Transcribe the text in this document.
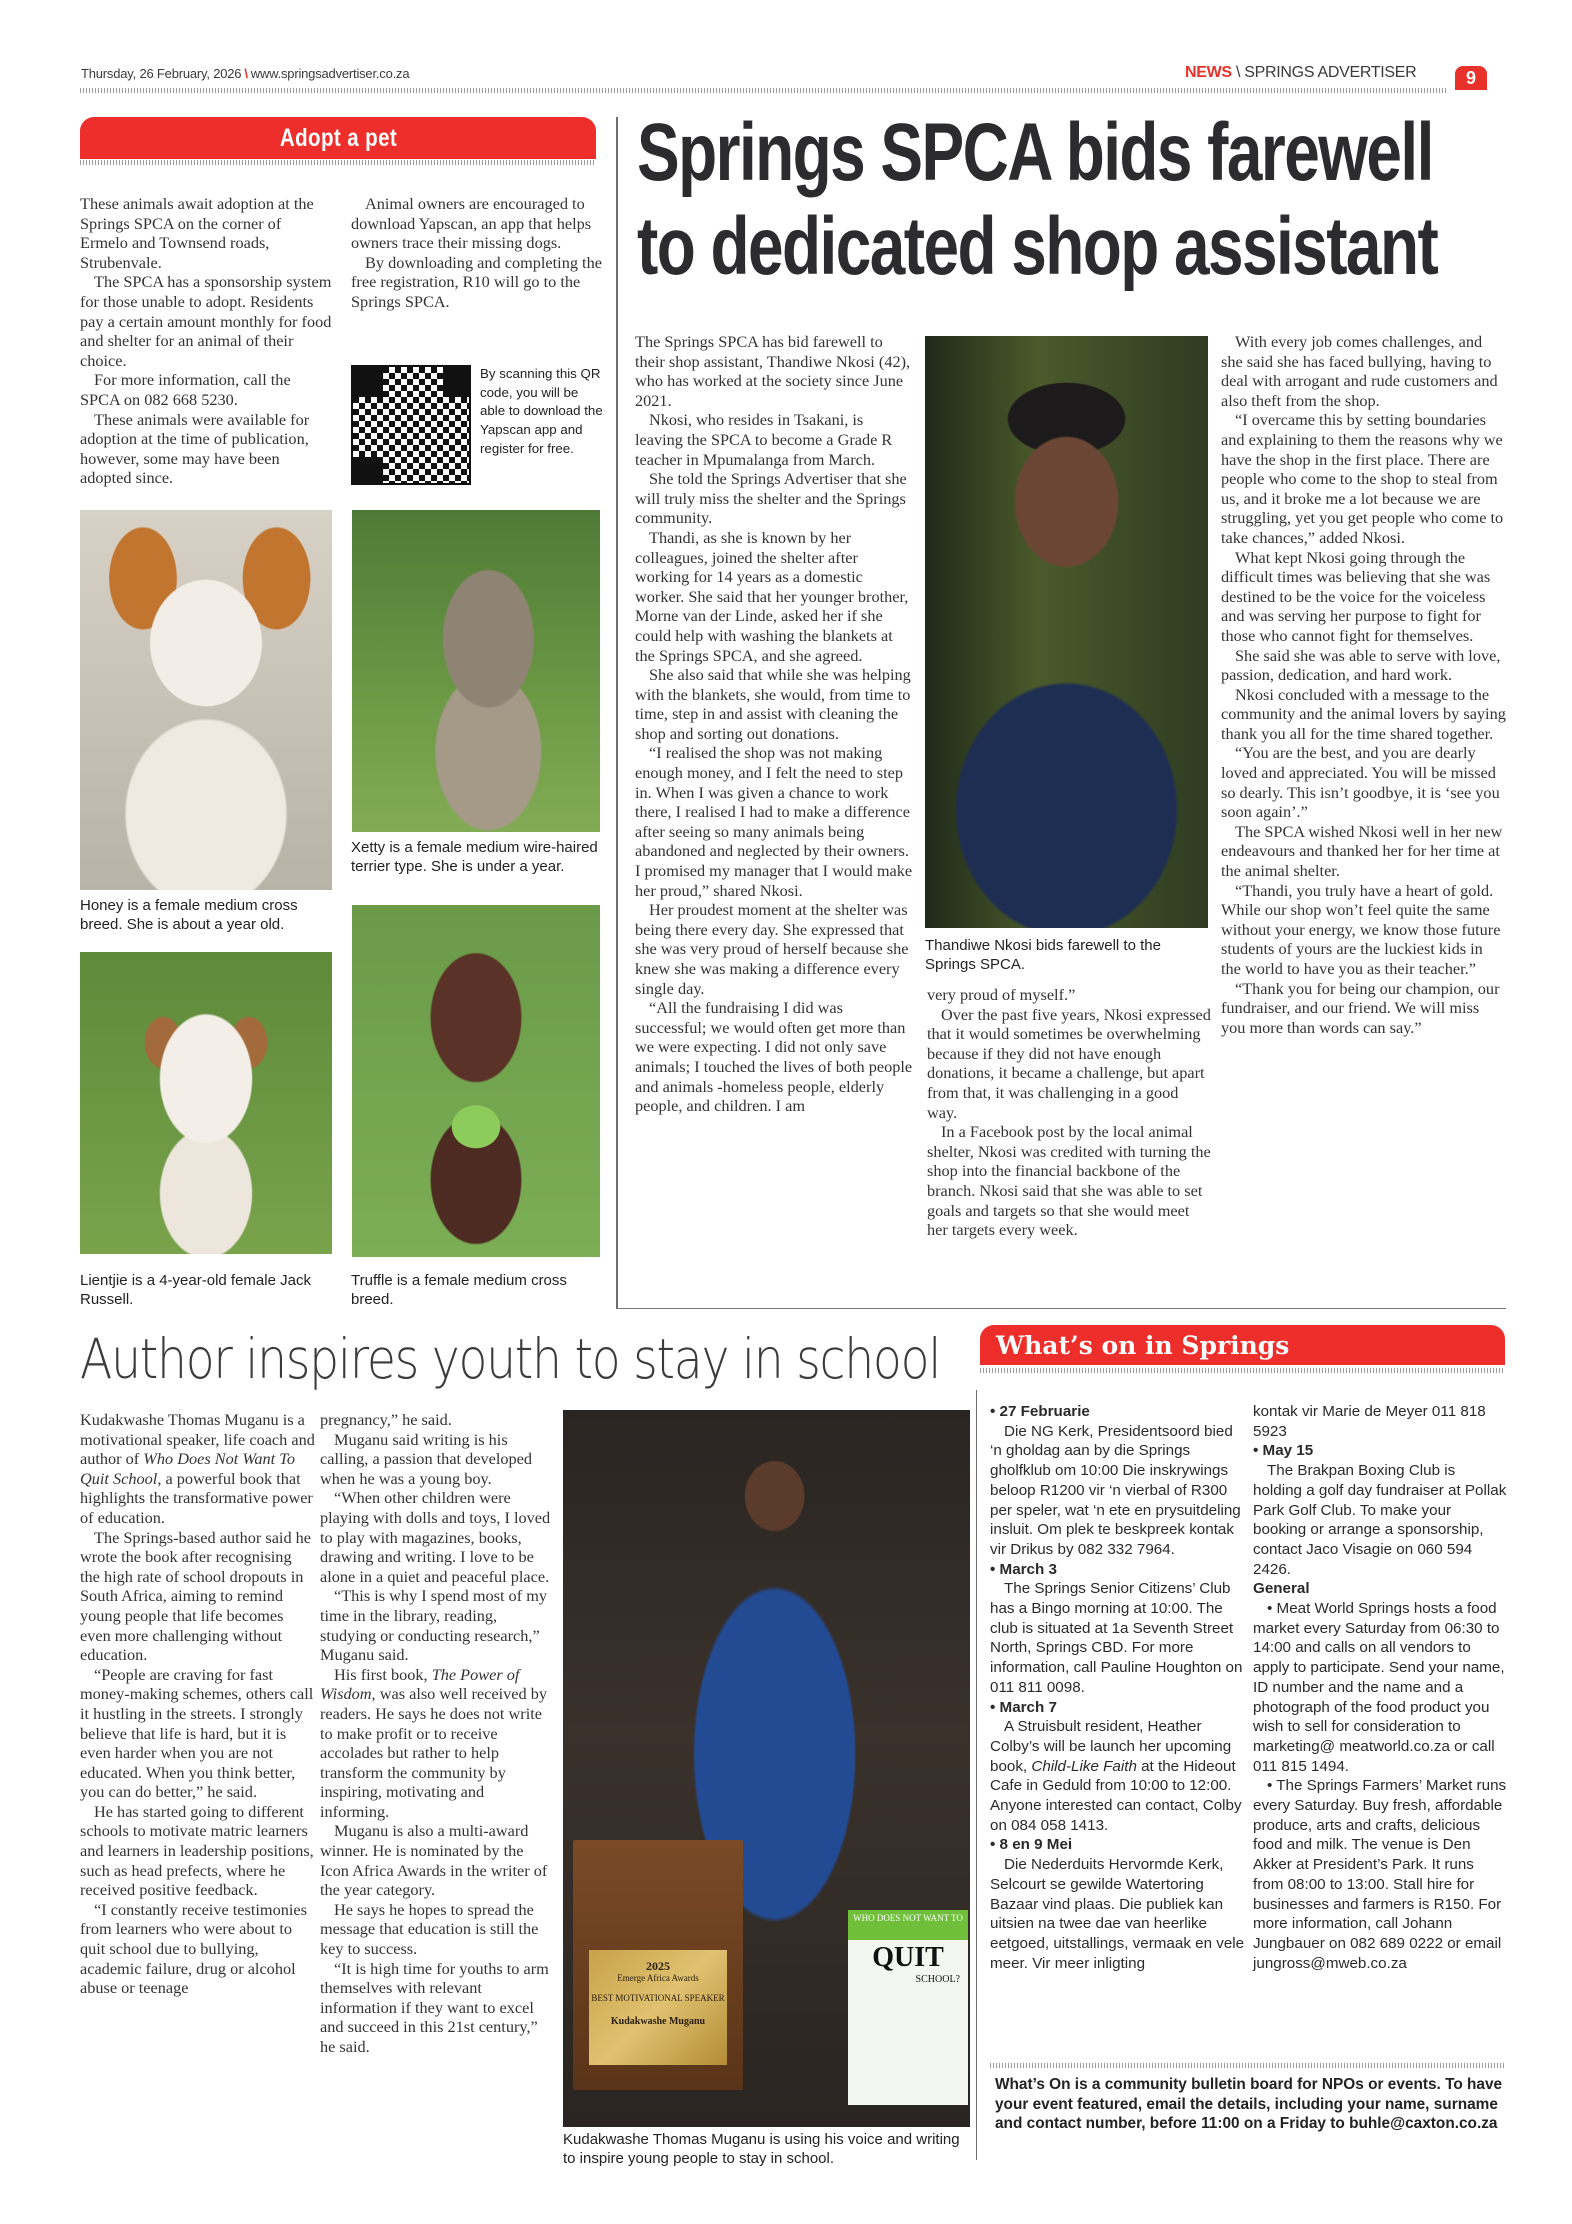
Thursday, 26 February, 2026 \ www.springsadvertiser.co.za	NEWS \ SPRINGS ADVERTISER	9
Adopt a pet

These animals await adoption at the Springs SPCA on the corner of Ermelo and Townsend roads, Strubenvale.

The SPCA has a sponsorship system for those unable to adopt. Residents pay a certain amount monthly for food and shelter for an animal of their choice.

For more information, call the SPCA on 082 668 5230.

These animals were available for adoption at the time of publication, however, some may have been adopted since.

Animal owners are encouraged to download Yapscan, an app that helps owners trace their missing dogs.

By downloading and completing the free registration, R10 will go to the Springs SPCA.

By scanning this QR code, you will be able to download the Yapscan app and register for free.
Honey is a female medium cross breed. She is about a year old.
Xetty is a female medium wire-haired terrier type. She is under a year.
Lientjie is a 4-year-old female Jack Russell.
Truffle is a female medium cross breed.
Springs SPCA bids farewell
to dedicated shop assistant

The Springs SPCA has bid farewell to their shop assistant, Thandiwe Nkosi (42), who has worked at the society since June 2021.

Nkosi, who resides in Tsakani, is leaving the SPCA to become a Grade R teacher in Mpumalanga from March.

She told the Springs Advertiser that she will truly miss the shelter and the Springs community.

Thandi, as she is known by her colleagues, joined the shelter after working for 14 years as a domestic worker. She said that her younger brother, Morne van der Linde, asked her if she could help with washing the blankets at the Springs SPCA, and she agreed.

She also said that while she was helping with the blankets, she would, from time to time, step in and assist with cleaning the shop and sorting out donations.

“I realised the shop was not making enough money, and I felt the need to step in. When I was given a chance to work there, I realised I had to make a difference after seeing so many animals being abandoned and neglected by their owners. I promised my manager that I would make her proud,” shared Nkosi.

Her proudest moment at the shelter was being there every day. She expressed that she was very proud of herself because she knew she was making a difference every single day.

“All the fundraising I did was successful; we would often get more than we were expecting. I did not only save animals; I touched the lives of both people and animals -homeless people, elderly people, and children. I am

Thandiwe Nkosi bids farewell to the Springs SPCA.

very proud of myself.”

Over the past five years, Nkosi expressed that it would sometimes be overwhelming because if they did not have enough donations, it became a challenge, but apart from that, it was challenging in a good way.

In a Facebook post by the local animal shelter, Nkosi was credited with turning the shop into the financial backbone of the branch. Nkosi said that she was able to set goals and targets so that she would meet her targets every week.

With every job comes challenges, and she said she has faced bullying, having to deal with arrogant and rude customers and also theft from the shop.

“I overcame this by setting boundaries and explaining to them the reasons why we have the shop in the first place. There are people who come to the shop to steal from us, and it broke me a lot because we are struggling, yet you get people who come to take chances,” added Nkosi.

What kept Nkosi going through the difficult times was believing that she was destined to be the voice for the voiceless and was serving her purpose to fight for those who cannot fight for themselves.

She said she was able to serve with love, passion, dedication, and hard work.

Nkosi concluded with a message to the community and the animal lovers by saying thank you all for the time shared together.

“You are the best, and you are dearly loved and appreciated. You will be missed so dearly. This isn’t goodbye, it is ‘see you soon again’.”

The SPCA wished Nkosi well in her new endeavours and thanked her for her time at the animal shelter.

“Thandi, you truly have a heart of gold. While our shop won’t feel quite the same without your energy, we know those future students of yours are the luckiest kids in the world to have you as their teacher.”

“Thank you for being our champion, our fundraiser, and our friend. We will miss you more than words can say.”

Author inspires youth to stay in school

Kudakwashe Thomas Muganu is a motivational speaker, life coach and author of Who Does Not Want To Quit School, a powerful book that highlights the transformative power of education.

The Springs-based author said he wrote the book after recognising the high rate of school dropouts in South Africa, aiming to remind young people that life becomes even more challenging without education.

“People are craving for fast money-making schemes, others call it hustling in the streets. I strongly believe that life is hard, but it is even harder when you are not educated. When you think better, you can do better,” he said.

He has started going to different schools to motivate matric learners and learners in leadership positions, such as head prefects, where he received positive feedback.

“I constantly receive testimonies from learners who were about to quit school due to bullying, academic failure, drug or alcohol abuse or teenage

pregnancy,” he said.

Muganu said writing is his calling, a passion that developed when he was a young boy.

“When other children were playing with dolls and toys, I loved to play with magazines, books, drawing and writing. I love to be alone in a quiet and peaceful place.

“This is why I spend most of my time in the library, reading, studying or conducting research,” Muganu said.

His first book, The Power of Wisdom, was also well received by readers. He says he does not write to make profit or to receive accolades but rather to help transform the community by inspiring, motivating and informing.

Muganu is also a multi-award winner. He is nominated by the Icon Africa Awards in the writer of the year category.

He says he hopes to spread the message that education is still the key to success.

“It is high time for youths to arm themselves with relevant information if they want to excel and succeed in this 21st century,” he said.

2025
Emerge Africa Awards
BEST MOTIVATIONAL SPEAKER
Kudakwashe Muganu
WHO DOES NOT WANT TO
QUIT
SCHOOL?
Kudakwashe Thomas Muganu is using his voice and writing to inspire young people to stay in school.
What’s on in Springs
• 27 Februarie

Die NG Kerk, Presidentsoord bied ‘n gholdag aan by die Springs gholfklub om 10:00 Die inskrywings beloop R1200 vir ‘n vierbal of R300 per speler, wat ‘n ete en prysuitdeling insluit. Om plek te beskpreek kontak vir Drikus by 082 332 7964.

• March 3

The Springs Senior Citizens’ Club has a Bingo morning at 10:00. The club is situated at 1a Seventh Street North, Springs CBD. For more information, call Pauline Houghton on 011 811 0098.

• March 7

A Struisbult resident, Heather Colby’s will be launch her upcoming book, Child-Like Faith at the Hideout Cafe in Geduld from 10:00 to 12:00. Anyone interested can contact, Colby on 084 058 1413.

• 8 en 9 Mei

Die Nederduits Hervormde Kerk, Selcourt se gewilde Watertoring Bazaar vind plaas. Die publiek kan uitsien na twee dae van heerlike eetgoed, uitstallings, vermaak en vele meer. Vir meer inligting

kontak vir Marie de Meyer 011 818 5923

• May 15

The Brakpan Boxing Club is holding a golf day fundraiser at Pollak Park Golf Club. To make your booking or arrange a sponsorship, contact Jaco Visagie on 060 594 2426.

General

• Meat World Springs hosts a food market every Saturday from 06:30 to 14:00 and calls on all vendors to apply to participate. Send your name, ID number and the name and a photograph of the food product you wish to sell for consideration to marketing@ meatworld.co.za or call 011 815 1494.

• The Springs Farmers’ Market runs every Saturday. Buy fresh, affordable produce, arts and crafts, delicious food and milk. The venue is Den Akker at President’s Park. It runs from 08:00 to 13:00. Stall hire for businesses and farmers is R150. For more information, call Johann Jungbauer on 082 689 0222 or email jungross@mweb.co.za

What’s On is a community bulletin board for NPOs or events. To have your event featured, email the details, including your name, surname and contact number, before 11:00 on a Friday to buhle@caxton.co.za
